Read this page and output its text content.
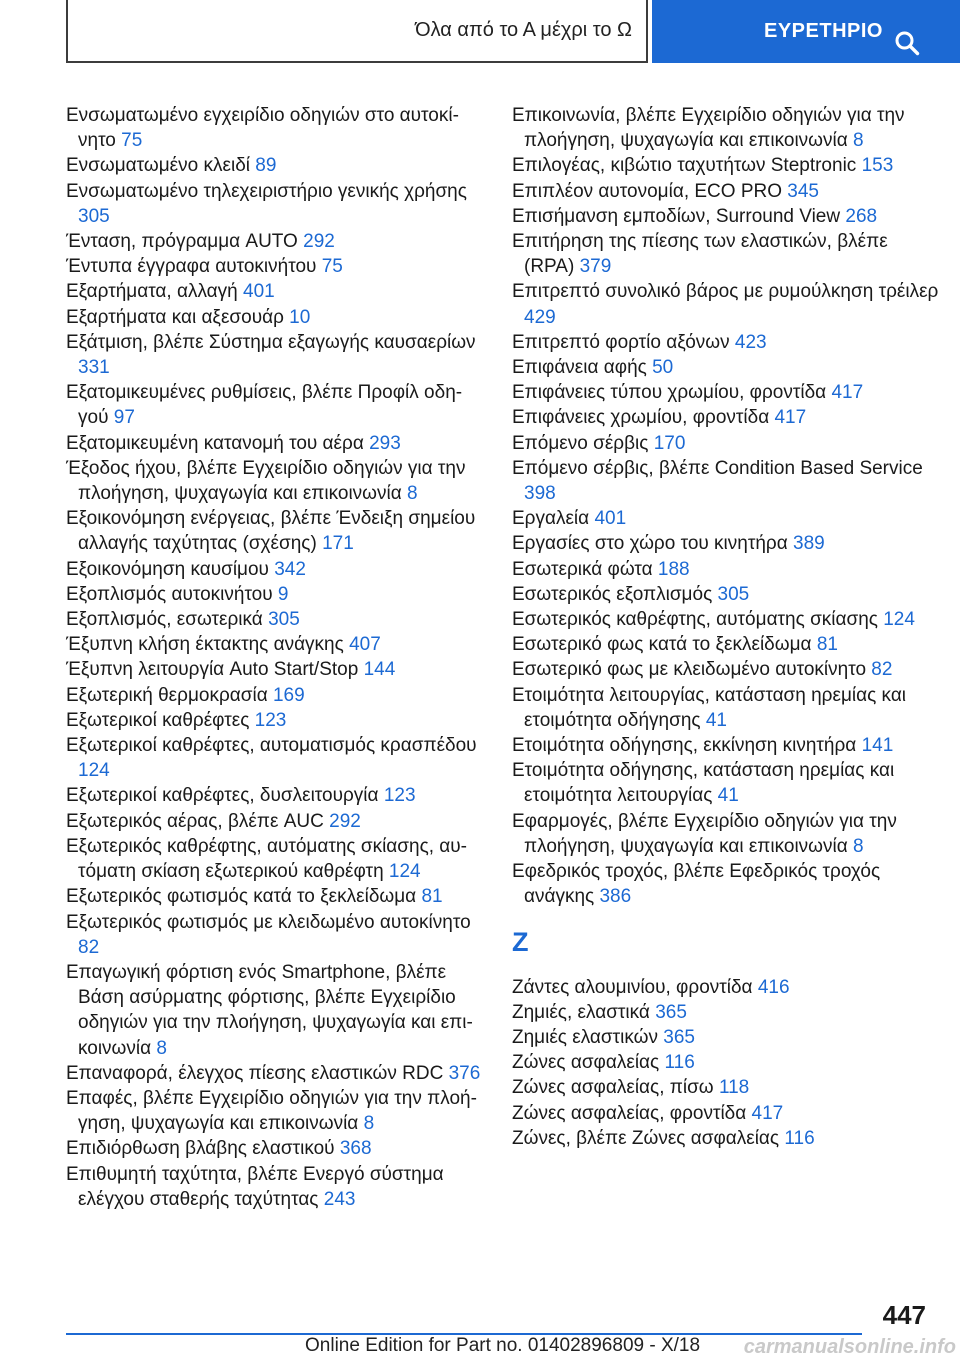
Όλα από το Α μέχρι το Ω	ΕΥΡΕΤΗΡΙΟ
Ενσωματωμένο εγχειρίδιο οδηγιών στο αυτοκίνητο 75
Ενσωματωμένο κλειδί 89
Ενσωματωμένο τηλεχειριστήριο γενικής χρήσης 305
Ένταση, πρόγραμμα AUTO 292
Έντυπα έγγραφα αυτοκινήτου 75
Εξαρτήματα, αλλαγή 401
Εξαρτήματα και αξεσουάρ 10
Εξάτμιση, βλέπε Σύστημα εξαγωγής καυσαερίων 331
Εξατομικευμένες ρυθμίσεις, βλέπε Προφίλ οδηγού 97
Εξατομικευμένη κατανομή του αέρα 293
Έξοδος ήχου, βλέπε Εγχειρίδιο οδηγιών για την πλοήγηση, ψυχαγωγία και επικοινωνία 8
Εξοικονόμηση ενέργειας, βλέπε Ένδειξη σημείου αλλαγής ταχύτητας (σχέσης) 171
Εξοικονόμηση καυσίμου 342
Εξοπλισμός αυτοκινήτου 9
Εξοπλισμός, εσωτερικά 305
Έξυπνη κλήση έκτακτης ανάγκης 407
Έξυπνη λειτουργία Auto Start/Stop 144
Εξωτερική θερμοκρασία 169
Εξωτερικοί καθρέφτες 123
Εξωτερικοί καθρέφτες, αυτοματισμός κρασπέδου 124
Εξωτερικοί καθρέφτες, δυσλειτουργία 123
Εξωτερικός αέρας, βλέπε AUC 292
Εξωτερικός καθρέφτης, αυτόματης σκίασης, αυτόματη σκίαση εξωτερικού καθρέφτη 124
Εξωτερικός φωτισμός κατά το ξεκλείδωμα 81
Εξωτερικός φωτισμός με κλειδωμένο αυτοκίνητο 82
Επαγωγική φόρτιση ενός Smartphone, βλέπε Βάση ασύρματης φόρτισης, βλέπε Εγχειρίδιο οδηγιών για την πλοήγηση, ψυχαγωγία και επικοινωνία 8
Επαναφορά, έλεγχος πίεσης ελαστικών RDC 376
Επαφές, βλέπε Εγχειρίδιο οδηγιών για την πλοήγηση, ψυχαγωγία και επικοινωνία 8
Επιδιόρθωση βλάβης ελαστικού 368
Επιθυμητή ταχύτητα, βλέπε Ενεργό σύστημα ελέγχου σταθερής ταχύτητας 243
Επικοινωνία, βλέπε Εγχειρίδιο οδηγιών για την πλοήγηση, ψυχαγωγία και επικοινωνία 8
Επιλογέας, κιβώτιο ταχυτήτων Steptronic 153
Επιπλέον αυτονομία, ECO PRO 345
Επισήμανση εμποδίων, Surround View 268
Επιτήρηση της πίεσης των ελαστικών, βλέπε (RPA) 379
Επιτρεπτό συνολικό βάρος με ρυμούλκηση τρέιλερ 429
Επιτρεπτό φορτίο αξόνων 423
Επιφάνεια αφής 50
Επιφάνειες τύπου χρωμίου, φροντίδα 417
Επιφάνειες χρωμίου, φροντίδα 417
Επόμενο σέρβις 170
Επόμενο σέρβις, βλέπε Condition Based Service 398
Εργαλεία 401
Εργασίες στο χώρο του κινητήρα 389
Εσωτερικά φώτα 188
Εσωτερικός εξοπλισμός 305
Εσωτερικός καθρέφτης, αυτόματης σκίασης 124
Εσωτερικό φως κατά το ξεκλείδωμα 81
Εσωτερικό φως με κλειδωμένο αυτοκίνητο 82
Ετοιμότητα λειτουργίας, κατάσταση ηρεμίας και ετοιμότητα οδήγησης 41
Ετοιμότητα οδήγησης, εκκίνηση κινητήρα 141
Ετοιμότητα οδήγησης, κατάσταση ηρεμίας και ετοιμότητα λειτουργίας 41
Εφαρμογές, βλέπε Εγχειρίδιο οδηγιών για την πλοήγηση, ψυχαγωγία και επικοινωνία 8
Εφεδρικός τροχός, βλέπε Εφεδρικός τροχός ανάγκης 386
Ζ
Ζάντες αλουμινίου, φροντίδα 416
Ζημιές, ελαστικά 365
Ζημιές ελαστικών 365
Ζώνες ασφαλείας 116
Ζώνες ασφαλείας, πίσω 118
Ζώνες ασφαλείας, φροντίδα 417
Ζώνες, βλέπε Ζώνες ασφαλείας 116
447
Online Edition for Part no. 01402896809 - X/18 carmanualsonline.info
